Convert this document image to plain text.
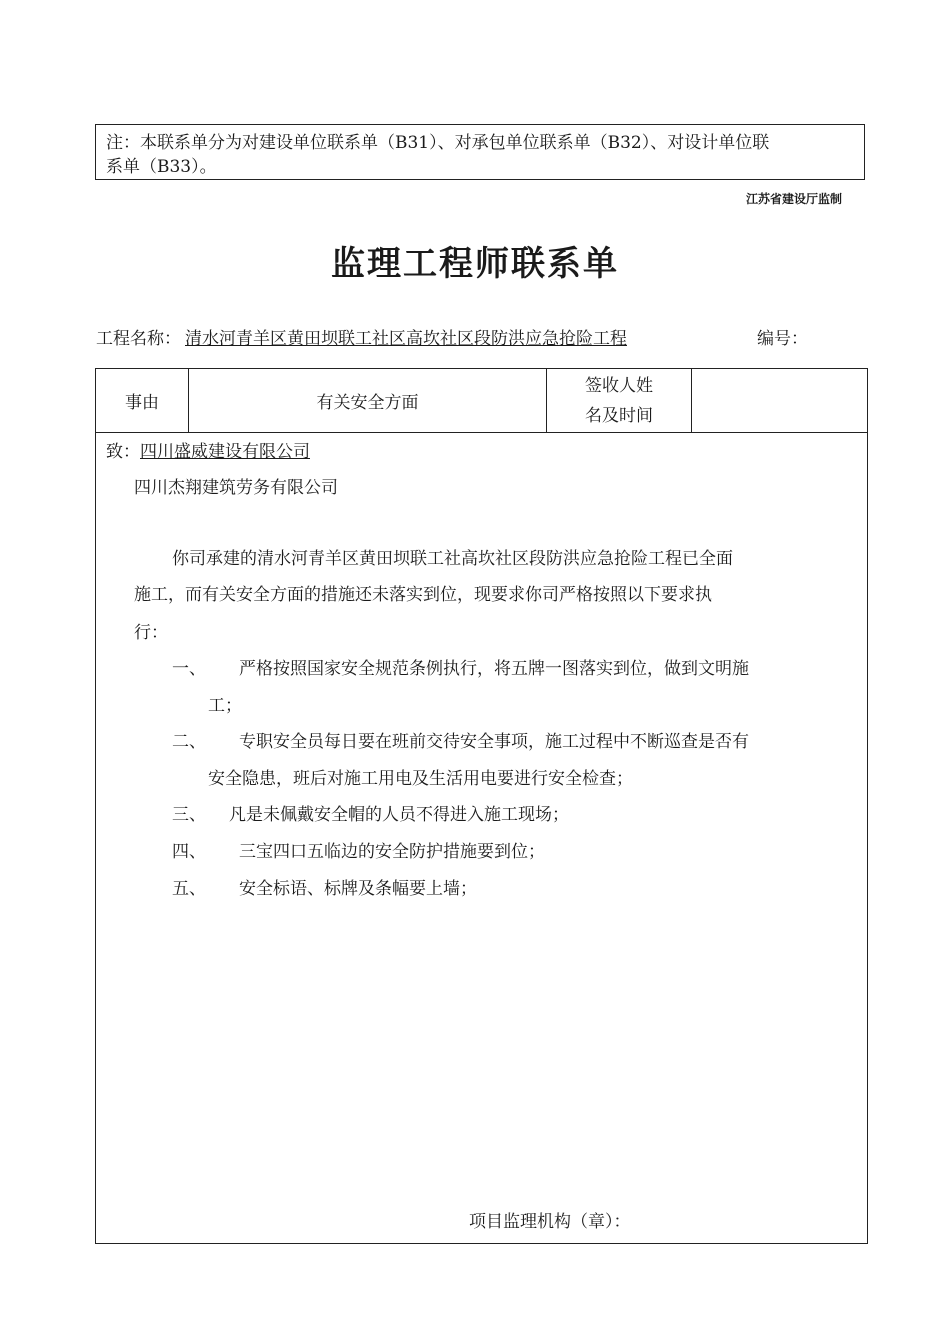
注：本联系单分为对建设单位联系单（B31）、对承包单位联系单（B32）、对设计单位联
系单（B33）。
江苏省建设厅监制
监理工程师联系单
工程名称： 清水河青羊区黄田坝联工社区高坎社区段防洪应急抢险工程	编号：
事由	有关安全方面
签收人姓
名及时间
致：四川盛威建设有限公司
四川杰翔建筑劳务有限公司
你司承建的清水河青羊区黄田坝联工社高坎社区段防洪应急抢险工程已全面
施工，而有关安全方面的措施还未落实到位，现要求你司严格按照以下要求执
行：
一、 严格按照国家安全规范条例执行，将五牌一图落实到位，做到文明施
工；
二、 专职安全员每日要在班前交待安全事项，施工过程中不断巡查是否有
安全隐患，班后对施工用电及生活用电要进行安全检查；
三、 凡是未佩戴安全帽的人员不得进入施工现场；
四、 三宝四口五临边的安全防护措施要到位；
五、 安全标语、标牌及条幅要上墙；
项目监理机构（章）：
